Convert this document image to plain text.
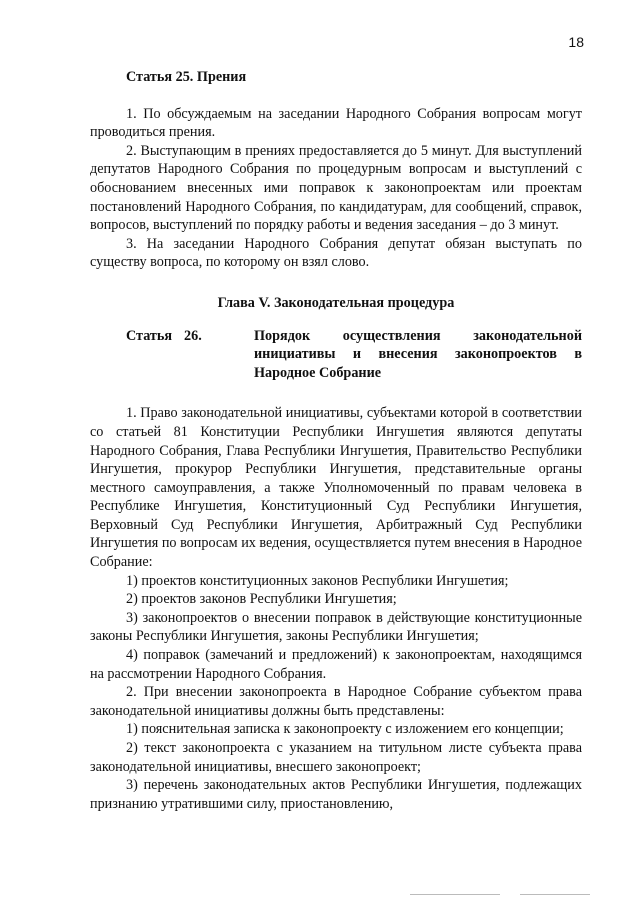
18

Статья 25. Прения

1. По обсуждаемым на заседании Народного Собрания вопросам могут проводиться прения.

2. Выступающим в прениях предоставляется до 5 минут. Для выступлений депутатов Народного Собрания по процедурным вопросам и выступлений с обоснованием внесенных ими поправок к законопроектам или проектам постановлений Народного Собрания, по кандидатурам, для сообщений, справок, вопросов, выступлений по порядку работы и ведения заседания – до 3 минут.

3. На заседании Народного Собрания депутат обязан выступать по существу вопроса, по которому он взял слово.

Глава V. Законодательная процедура

Статья 26.	Порядок осуществления законодательной инициативы и внесения законопроектов в Народное Собрание

1. Право законодательной инициативы, субъектами которой в соответствии со статьей 81 Конституции Республики Ингушетия являются депутаты Народного Собрания, Глава Республики Ингушетия, Правительство Республики Ингушетия, прокурор Республики Ингушетия, представительные органы местного самоуправления, а также Уполномоченный по правам человека в Республике Ингушетия, Конституционный Суд Республики Ингушетия, Верховный Суд Республики Ингушетия, Арбитражный Суд Республики Ингушетия по вопросам их ведения, осуществляется путем внесения в Народное Собрание:

1) проектов конституционных законов Республики Ингушетия;

2) проектов законов Республики Ингушетия;

3) законопроектов о внесении поправок в действующие конституционные законы Республики Ингушетия, законы Республики Ингушетия;

4) поправок (замечаний и предложений) к законопроектам, находящимся на рассмотрении Народного Собрания.

2. При внесении законопроекта в Народное Собрание субъектом права законодательной инициативы должны быть представлены:

1) пояснительная записка к законопроекту с изложением его концепции;

2) текст законопроекта с указанием на титульном листе субъекта права законодательной инициативы, внесшего законопроект;

3) перечень законодательных актов Республики Ингушетия, подлежащих признанию утратившими силу, приостановлению,
